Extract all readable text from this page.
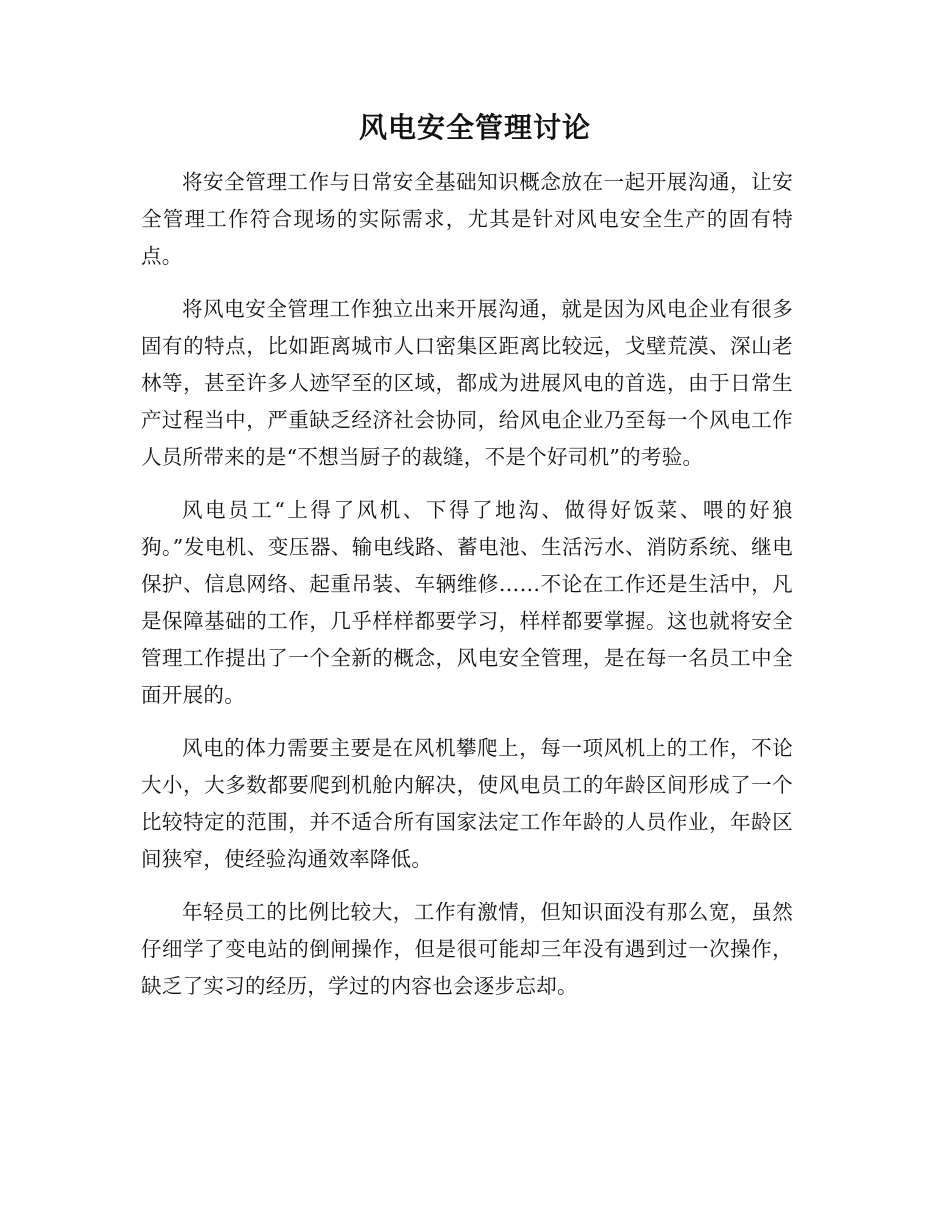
风电安全管理讨论

将安全管理工作与日常安全基础知识概念放在一起开展沟通，让安全管理工作符合现场的实际需求，尤其是针对风电安全生产的固有特点。

将风电安全管理工作独立出来开展沟通，就是因为风电企业有很多固有的特点，比如距离城市人口密集区距离比较远，戈壁荒漠、深山老林等，甚至许多人迹罕至的区域，都成为进展风电的首选，由于日常生产过程当中，严重缺乏经济社会协同，给风电企业乃至每一个风电工作人员所带来的是“不想当厨子的裁缝，不是个好司机”的考验。

风电员工“上得了风机、下得了地沟、做得好饭菜、喂的好狼狗。”发电机、变压器、输电线路、蓄电池、生活污水、消防系统、继电保护、信息网络、起重吊装、车辆维修……不论在工作还是生活中，凡是保障基础的工作，几乎样样都要学习，样样都要掌握。这也就将安全管理工作提出了一个全新的概念，风电安全管理，是在每一名员工中全面开展的。

风电的体力需要主要是在风机攀爬上，每一项风机上的工作，不论大小，大多数都要爬到机舱内解决，使风电员工的年龄区间形成了一个比较特定的范围，并不适合所有国家法定工作年龄的人员作业，年龄区间狭窄，使经验沟通效率降低。

年轻员工的比例比较大，工作有激情，但知识面没有那么宽，虽然仔细学了变电站的倒闸操作，但是很可能却三年没有遇到过一次操作，缺乏了实习的经历，学过的内容也会逐步忘却。
